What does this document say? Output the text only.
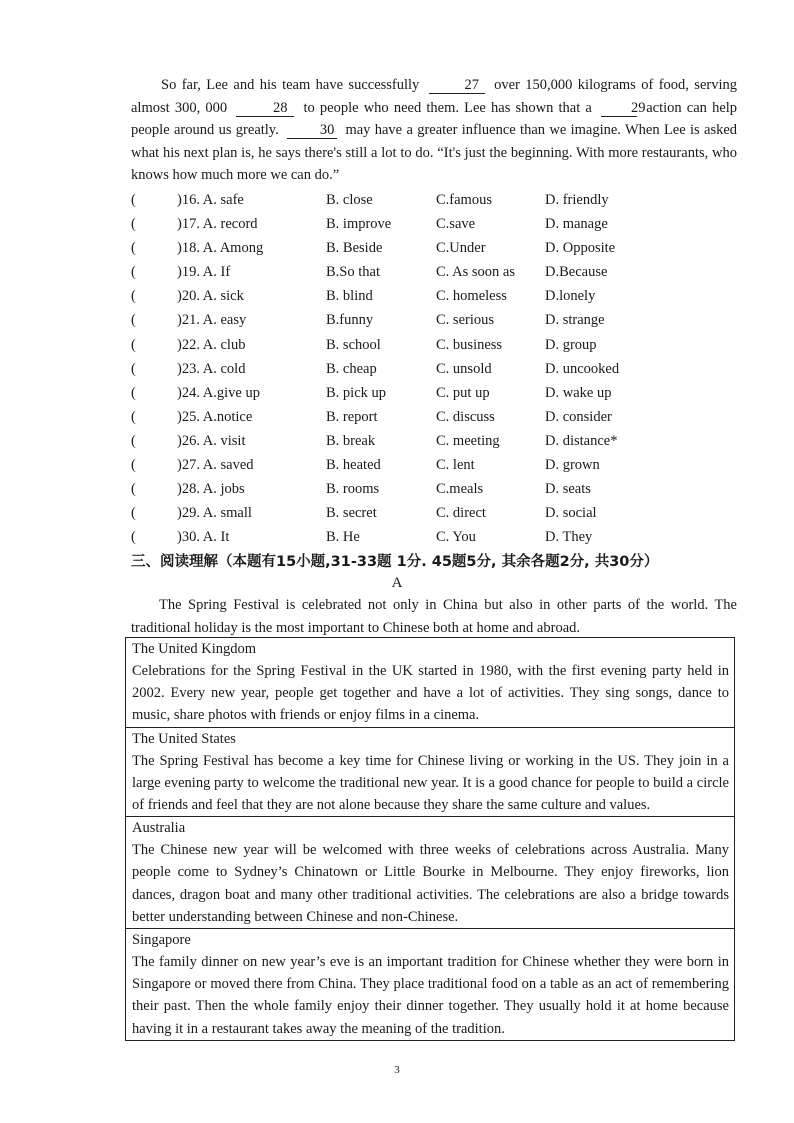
So far, Lee and his team have successfully	27 over 150,000 kilograms of food, serving almost 300, 000	28 to people who need them. Lee has shown that a	29 action can help people around us greatly.	30 may have a greater influence than we imagine. When Lee is asked what his next plan is, he says there's still a lot to do. “It's just the beginning. With more restaurants, who knows how much more we can do.”

(	)16. A. safe	B. close	C.famous	D. friendly
(	)17. A. record	B. improve	C.save	D. manage
(	)18. A. Among	B. Beside	C.Under	D. Opposite
(	)19. A. If	B.So that	C. As soon as D.Because
(	)20. A. sick	B. blind	C. homeless	D.lonely
(	)21. A. easy	B.funny	C. serious	D. strange
(	)22. A. club	B. school	C. business	D. group
(	)23. A. cold	B. cheap	C. unsold	D. uncooked
(	)24. A.give up	B. pick up	C. put up	D. wake up
(	)25. A.notice	B. report	C. discuss	D. consider
(	)26. A. visit	B. break	C. meeting	D. distance*
(	)27. A. saved	B. heated	C. lent	D. grown
(	)28. A. jobs	B. rooms	C.meals	D. seats
(	)29. A. small	B. secret	C. direct	D. social
(	)30. A. It	B. He	C. You	D. They
三、阅读理解（本题有15小题,31-33题 1分. 45题5分, 其余各题2分, 共30分）
A

The Spring Festival is celebrated not only in China but also in other parts of the world. The traditional holiday is the most important to Chinese both at home and abroad.

The United Kingdom
Celebrations for the Spring Festival in the UK started in 1980, with the first evening party held in 2002. Every new year, people get together and have a lot of activities. They sing songs, dance to music, share photos with friends or enjoy films in a cinema.
The United States
The Spring Festival has become a key time for Chinese living or working in the US. They join in a large evening party to welcome the traditional new year. It is a good chance for people to build a circle of friends and feel that they are not alone because they share the same culture and values.
Australia
The Chinese new year will be welcomed with three weeks of celebrations across Australia. Many people come to Sydney’s Chinatown or Little Bourke in Melbourne. They enjoy fireworks, lion dances, dragon boat and many other traditional activities. The celebrations are also a bridge towards better understanding between Chinese and non-Chinese.
Singapore
The family dinner on new year’s eve is an important tradition for Chinese whether they were born in Singapore or moved there from China. They place traditional food on a table as an act of remembering their past. Then the whole family enjoy their dinner together. They usually hold it at home because having it in a restaurant takes away the meaning of the tradition.
3
